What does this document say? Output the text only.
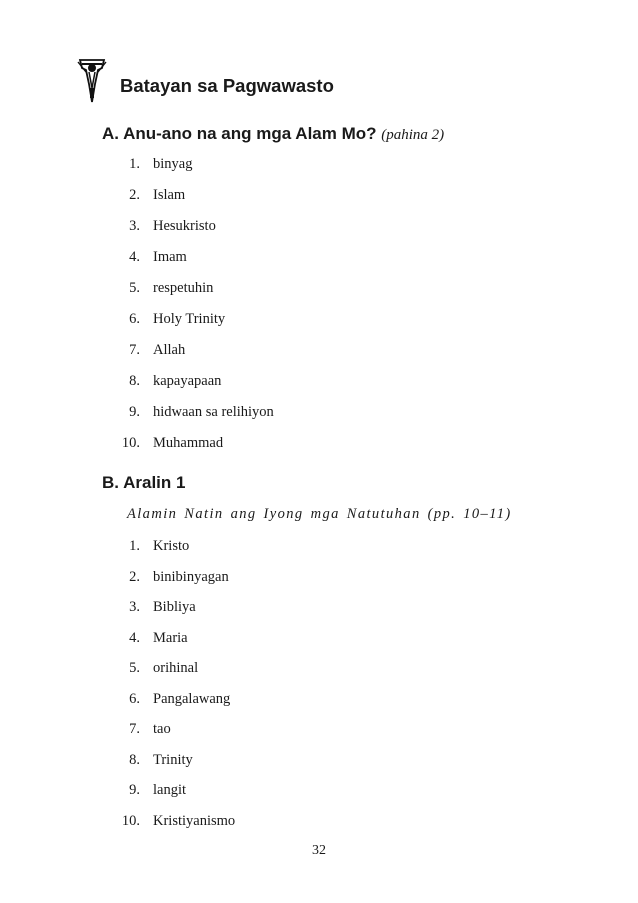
Batayan sa Pagwawasto
A. Anu-ano na ang mga Alam Mo? (pahina 2)
1. binyag
2. Islam
3. Hesukristo
4. Imam
5. respetuhin
6. Holy Trinity
7. Allah
8. kapayapaan
9. hidwaan sa relihiyon
10. Muhammad
B. Aralin 1
Alamin Natin ang Iyong mga Natutuhan (pp. 10–11)
1. Kristo
2. binibinyagan
3. Bibliya
4. Maria
5. orihinal
6. Pangalawang
7. tao
8. Trinity
9. langit
10. Kristiyanismo
32
